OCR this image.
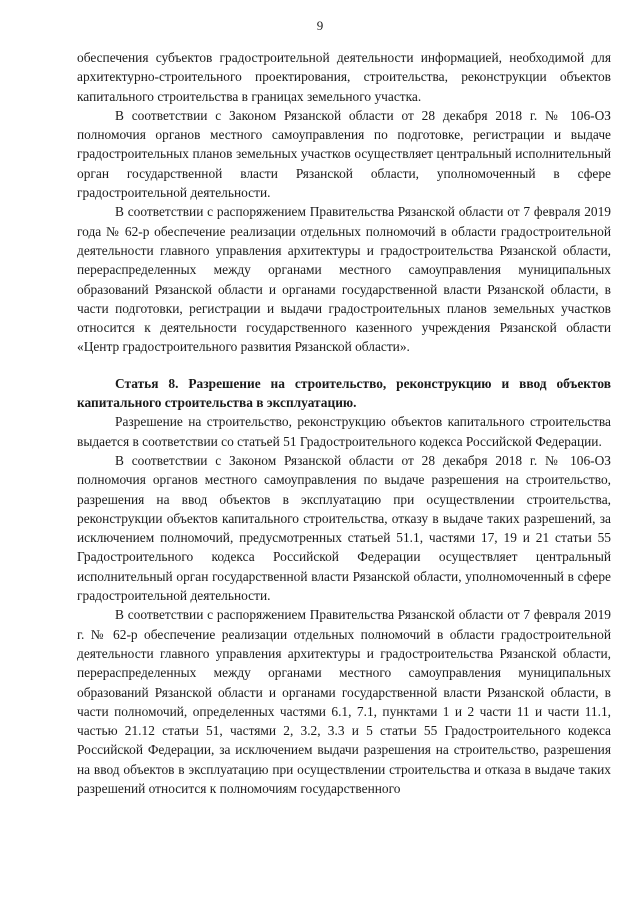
9

обеспечения субъектов градостроительной деятельности информацией, необходимой для архитектурно-строительного проектирования, строительства, реконструкции объектов капитального строительства в границах земельного участка.

В соответствии с Законом Рязанской области от 28 декабря 2018 г. № 106-ОЗ полномочия органов местного самоуправления по подготовке, регистрации и выдаче градостроительных планов земельных участков осуществляет центральный исполнительный орган государственной власти Рязанской области, уполномоченный в сфере градостроительной деятельности.

В соответствии с распоряжением Правительства Рязанской области от 7 февраля 2019 года № 62-р обеспечение реализации отдельных полномочий в области градостроительной деятельности главного управления архитектуры и градостроительства Рязанской области, перераспределенных между органами местного самоуправления муниципальных образований Рязанской области и органами государственной власти Рязанской области, в части подготовки, регистрации и выдачи градостроительных планов земельных участков относится к деятельности государственного казенного учреждения Рязанской области «Центр градостроительного развития Рязанской области».

Статья 8. Разрешение на строительство, реконструкцию и ввод объектов капитального строительства в эксплуатацию.

Разрешение на строительство, реконструкцию объектов капитального строительства выдается в соответствии со статьей 51 Градостроительного кодекса Российской Федерации.

В соответствии с Законом Рязанской области от 28 декабря 2018 г. № 106-ОЗ полномочия органов местного самоуправления по выдаче разрешения на строительство, разрешения на ввод объектов в эксплуатацию при осуществлении строительства, реконструкции объектов капитального строительства, отказу в выдаче таких разрешений, за исключением полномочий, предусмотренных статьей 51.1, частями 17, 19 и 21 статьи 55 Градостроительного кодекса Российской Федерации осуществляет центральный исполнительный орган государственной власти Рязанской области, уполномоченный в сфере градостроительной деятельности.

В соответствии с распоряжением Правительства Рязанской области от 7 февраля 2019 г. № 62-р обеспечение реализации отдельных полномочий в области градостроительной деятельности главного управления архитектуры и градостроительства Рязанской области, перераспределенных между органами местного самоуправления муниципальных образований Рязанской области и органами государственной власти Рязанской области, в части полномочий, определенных частями 6.1, 7.1, пунктами 1 и 2 части 11 и части 11.1, частью 21.12 статьи 51, частями 2, 3.2, 3.3 и 5 статьи 55 Градостроительного кодекса Российской Федерации, за исключением выдачи разрешения на строительство, разрешения на ввод объектов в эксплуатацию при осуществлении строительства и отказа в выдаче таких разрешений относится к полномочиям государственного
